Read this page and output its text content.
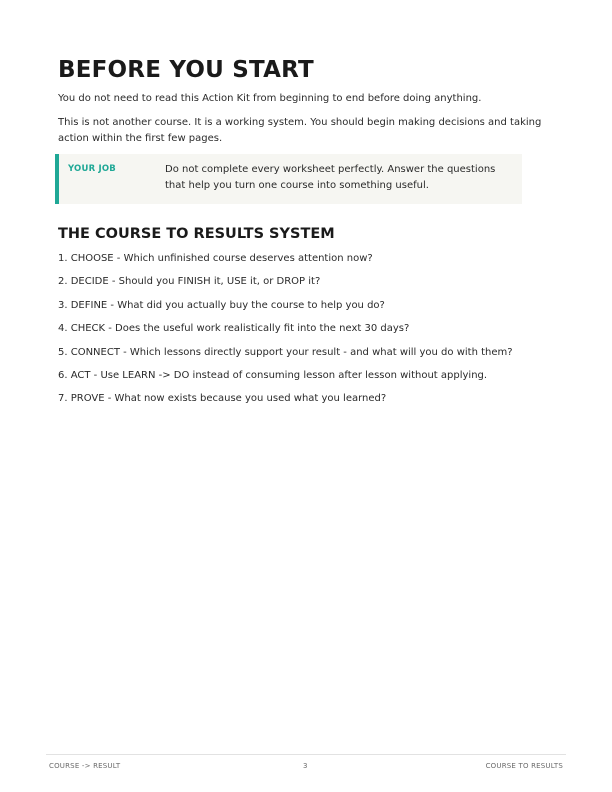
BEFORE YOU START

You do not need to read this Action Kit from beginning to end before doing anything.

This is not another course. It is a working system. You should begin making decisions and taking action within the first few pages.

YOUR JOB	Do not complete every worksheet perfectly. Answer the questions that help you turn one course into something useful.
THE COURSE TO RESULTS SYSTEM
1. CHOOSE - Which unfinished course deserves attention now?
2. DECIDE - Should you FINISH it, USE it, or DROP it?
3. DEFINE - What did you actually buy the course to help you do?
4. CHECK - Does the useful work realistically fit into the next 30 days?
5. CONNECT - Which lessons directly support your result - and what will you do with them?
6. ACT - Use LEARN -> DO instead of consuming lesson after lesson without applying.
7. PROVE - What now exists because you used what you learned?
COURSE -> RESULT	3	COURSE TO RESULTS
